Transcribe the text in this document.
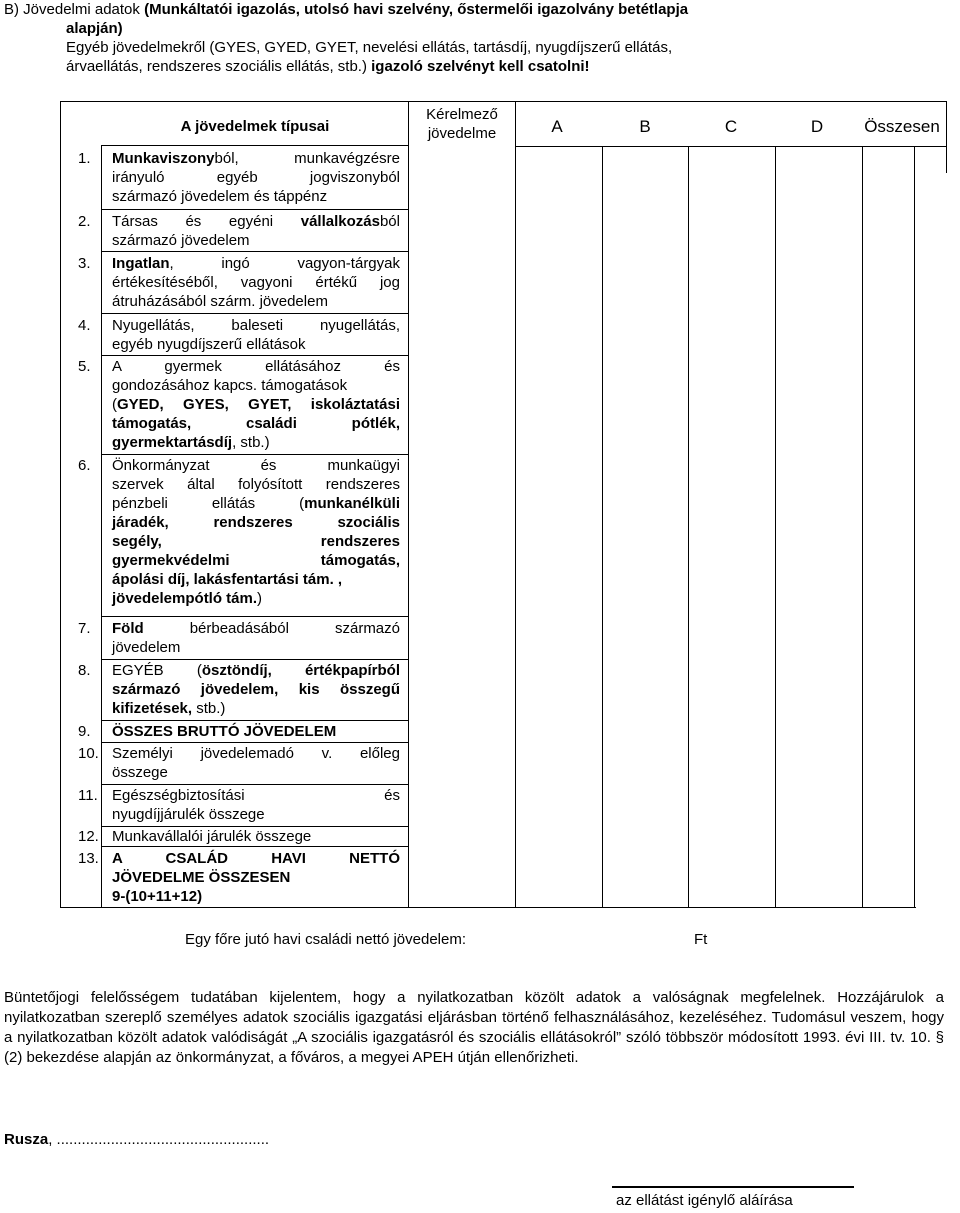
B) Jövedelmi adatok (Munkáltatói igazolás, utolsó havi szelvény, őstermelői igazolvány betétlapja

alapján)

Egyéb jövedelmekről (GYES, GYED, GYET, nevelési ellátás, tartásdíj, nyugdíjszerű ellátás,

árvaellátás, rendszeres szociális ellátás, stb.) igazoló szelvényt kell csatolni!

A jövedelmek típusai
Kérelmező
jövedelme	A	B	C	D	Összesen
1. Munkaviszonyból, munkavégzésre
irányuló egyéb jogviszonyból
származó jövedelem és táppénz
2. Társas és egyéni vállalkozásból
származó jövedelem
3. Ingatlan, ingó vagyon-tárgyak
értékesítéséből, vagyoni értékű jog
átruházásából szárm. jövedelem
4. Nyugellátás, baleseti nyugellátás,
egyéb nyugdíjszerű ellátások
5. A gyermek ellátásához és
gondozásához kapcs. támogatások
(GYED, GYES, GYET, iskoláztatási
támogatás, családi pótlék,
gyermektartásdíj, stb.)
6. Önkormányzat és munkaügyi
szervek által folyósított rendszeres
pénzbeli ellátás (munkanélküli
járadék, rendszeres szociális
segély, rendszeres
gyermekvédelmi támogatás,
ápolási díj, lakásfentartási tám. ,
jövedelempótló tám.)
7. Föld bérbeadásából származó
jövedelem
8. EGYÉB (ösztöndíj, értékpapírból
származó jövedelem, kis összegű
kifizetések, stb.)
9. ÖSSZES BRUTTÓ JÖVEDELEM
10. Személyi jövedelemadó v. előleg
összege
11. Egészségbiztosítási és
nyugdíjjárulék összege
12. Munkavállalói járulék összege
13. A CSALÁD HAVI NETTÓ
JÖVEDELME ÖSSZESEN
9-(10+11+12)
Egy főre jutó havi családi nettó jövedelem:	Ft
Büntetőjogi felelősségem tudatában kijelentem, hogy a nyilatkozatban közölt adatok a valóságnak megfelelnek. Hozzájárulok a nyilatkozatban szereplő személyes adatok szociális igazgatási eljárásban történő felhasználásához, kezeléséhez. Tudomásul veszem, hogy a nyilatkozatban közölt adatok valódiságát „A szociális igazgatásról és szociális ellátásokról” szóló többször módosított 1993. évi III. tv. 10. § (2) bekezdése alapján az önkormányzat, a főváros, a megyei APEH útján ellenőrizheti.
Rusza, ...................................................
az ellátást igénylő aláírása
